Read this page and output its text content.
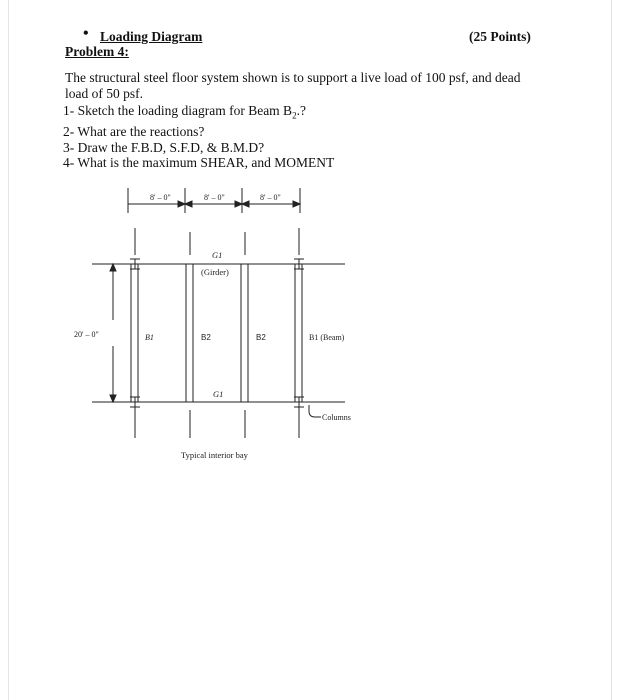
• Loading Diagram	(25 Points)

Problem 4:

The structural steel floor system shown is to support a live load of 100 psf, and dead load of 50 psf.

1- Sketch the loading diagram for Beam $B_2$.?
2- What are the reactions?
3- Draw the F.B.D, S.F.D, & B.M.D?
4- What is the maximum SHEAR, and MOMENT
8' – 0"	8' – 0"	8' – 0"
G1
(Girder)
20' – 0"	B1	B2	B2	B1 (Beam)
G1
Columns
Typical interior bay
